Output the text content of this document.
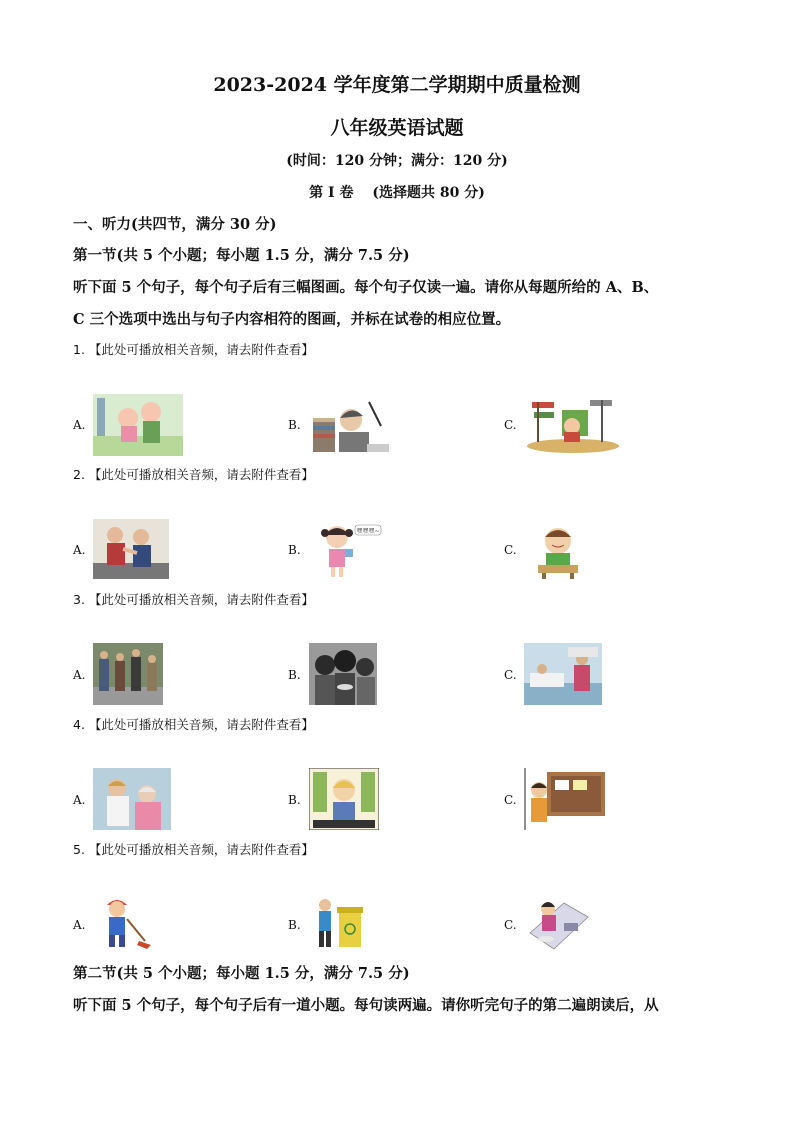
2023-2024 学年度第二学期期中质量检测
八年级英语试题
(时间：120 分钟；满分：120 分)
第 I 卷　 (选择题共 80 分)
一、听力(共四节，满分 30 分)
第一节(共 5 个小题；每小题 1.5 分，满分 7.5 分)
听下面 5 个句子，每个句子后有三幅图画。每个句子仅读一遍。请你从每题所给的 A、B、
C 三个选项中选出与句子内容相符的图画，并标在试卷的相应位置。
1. 【此处可播放相关音频，请去附件查看】
A.	B.	C.
2. 【此处可播放相关音频，请去附件查看】
A.	B.
嘿嘿嘿~
C.
3. 【此处可播放相关音频，请去附件查看】
A.	B.	C.
4. 【此处可播放相关音频，请去附件查看】
A.	B.	C.
5. 【此处可播放相关音频，请去附件查看】
A.	B.	C.
第二节(共 5 个小题；每小题 1.5 分，满分 7.5 分)
听下面 5 个句子，每个句子后有一道小题。每句读两遍。请你听完句子的第二遍朗读后，从
